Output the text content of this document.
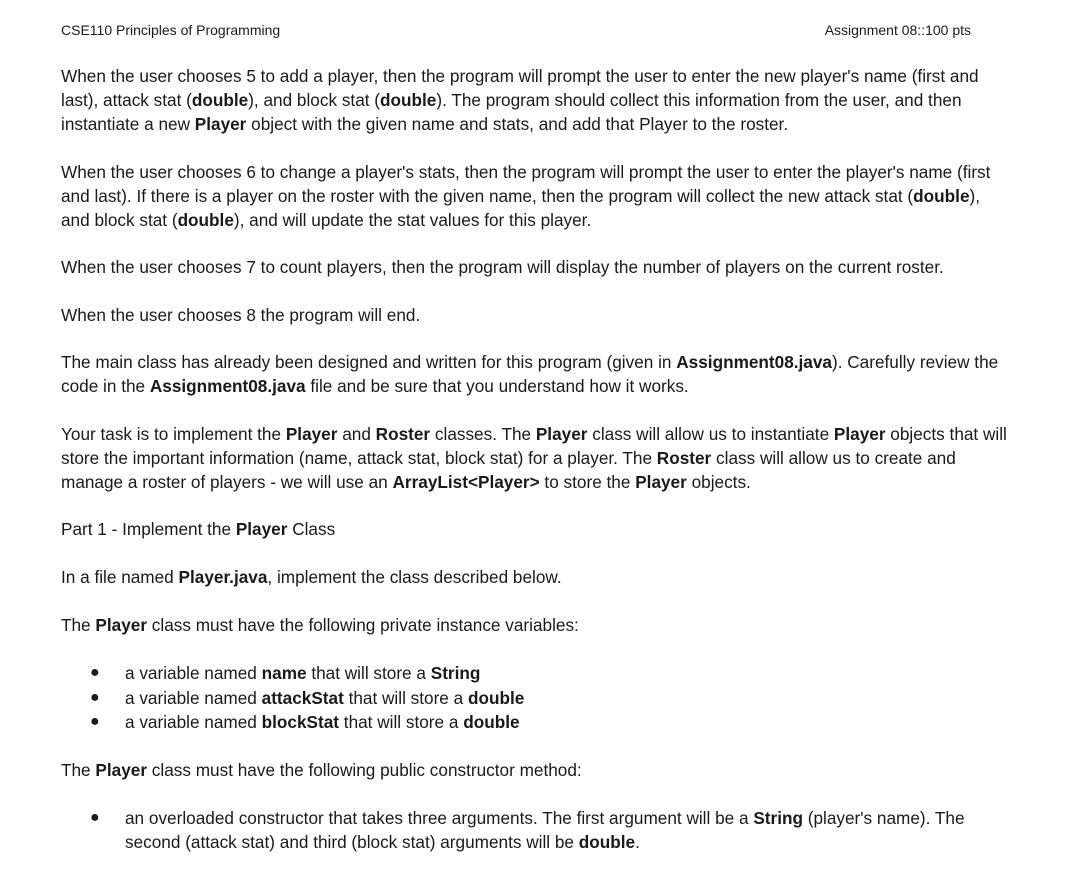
CSE110 Principles of Programming	Assignment 08::100 pts

When the user chooses 5 to add a player, then the program will prompt the user to enter the new player's name (first and last), attack stat (double), and block stat (double). The program should collect this information from the user, and then instantiate a new Player object with the given name and stats, and add that Player to the roster.

When the user chooses 6 to change a player's stats, then the program will prompt the user to enter the player's name (first and last). If there is a player on the roster with the given name, then the program will collect the new attack stat (double), and block stat (double), and will update the stat values for this player.

When the user chooses 7 to count players, then the program will display the number of players on the current roster.

When the user chooses 8 the program will end.

The main class has already been designed and written for this program (given in Assignment08.java). Carefully review the code in the Assignment08.java file and be sure that you understand how it works.

Your task is to implement the Player and Roster classes. The Player class will allow us to instantiate Player objects that will store the important information (name, attack stat, block stat) for a player. The Roster class will allow us to create and manage a roster of players - we will use an ArrayList<Player> to store the Player objects.

Part 1 - Implement the Player Class

In a file named Player.java, implement the class described below.

The Player class must have the following private instance variables:

●	a variable named name that will store a String
●	a variable named attackStat that will store a double
●	a variable named blockStat that will store a double

The Player class must have the following public constructor method:

●	an overloaded constructor that takes three arguments. The first argument will be a String (player's name). The second (attack stat) and third (block stat) arguments will be double.
